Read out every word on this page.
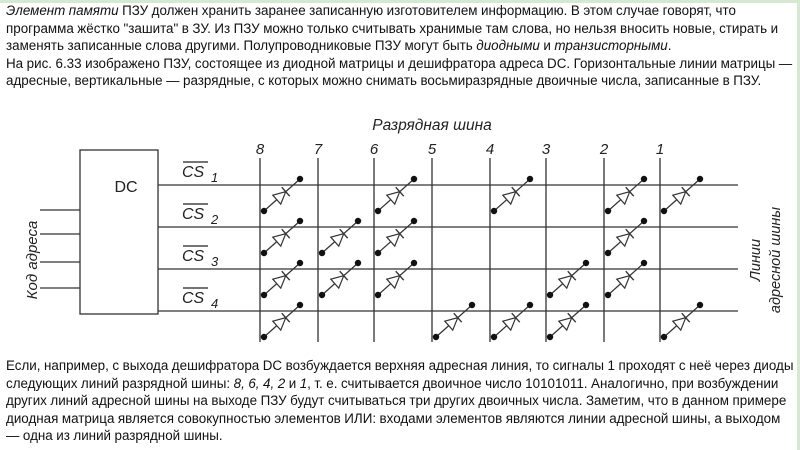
Элемент памяти ПЗУ должен хранить заранее записанную изготовителем информацию. В этом случае говорят, что программа жёстко "зашита" в ЗУ. Из ПЗУ можно только считывать хранимые там слова, но нельзя вносить новые, стирать и заменять записанные слова другими. Полупроводниковые ПЗУ могут быть диодными и транзисторными.

На рис. 6.33 изображено ПЗУ, состоящее из диодной матрицы и дешифратора адреса DC. Горизонтальные линии матрицы — адресные, вертикальные — разрядные, с которых можно снимать восьмиразрядные двоичные числа, записанные в ПЗУ.

DC
Разрядная шина
Код адреса	Линии адресной шины
8	7	6	5	4	3	2	1
CS 1
CS 2
CS 3
CS 4

Если, например, с выхода дешифратора DC возбуждается верхняя адресная линия, то сигналы 1 проходят с неё через диоды следующих линий разрядной шины: 8, 6, 4, 2 и 1, т. е. считывается двоичное число 10101011. Аналогично, при возбуждении других линий адресной шины на выходе ПЗУ будут считываться три других двоичных числа. Заметим, что в данном примере диодная матрица является совокупностью элементов ИЛИ: входами элементов являются линии адресной шины, а выходом — одна из линий разрядной шины.
